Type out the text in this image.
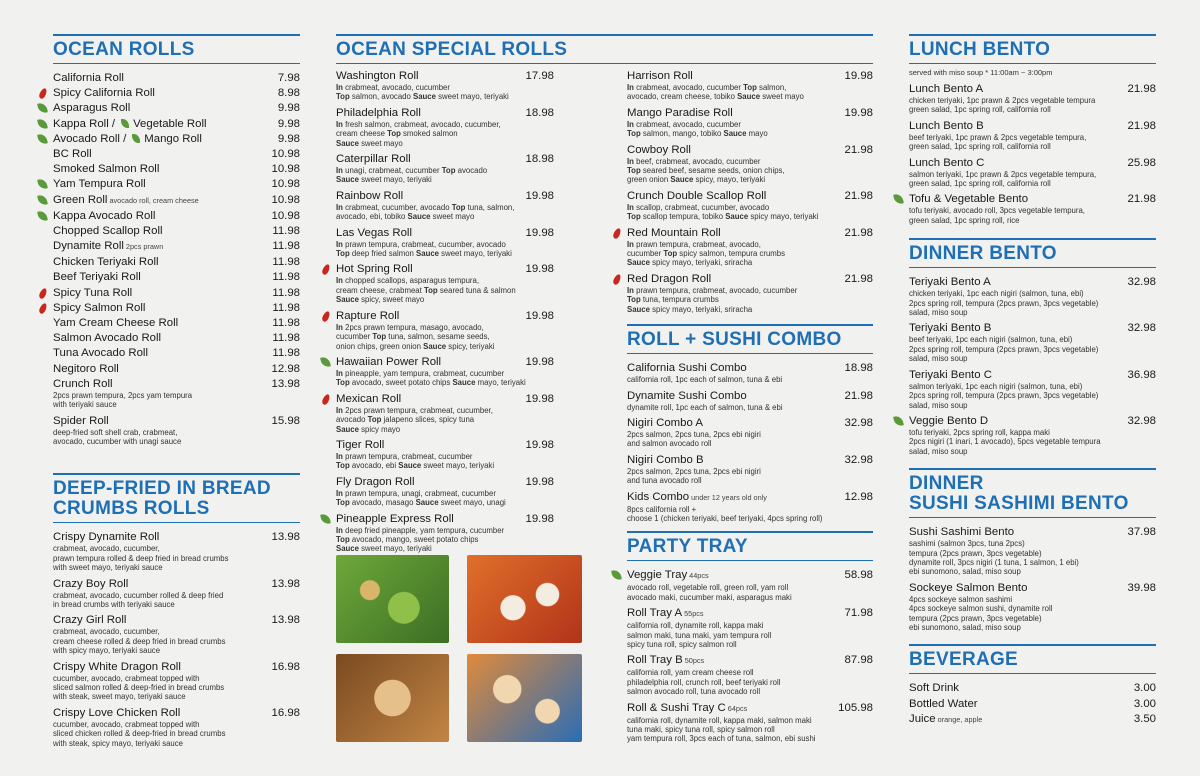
OCEAN ROLLS
California Roll	7.98
Spicy California Roll	8.98
Asparagus Roll	9.98
Kappa Roll / Vegetable Roll	9.98
Avocado Roll / Mango Roll	9.98
BC Roll	10.98
Smoked Salmon Roll	10.98
Yam Tempura Roll	10.98
Green Roll avocado roll, cream cheese	10.98
Kappa Avocado Roll	10.98
Chopped Scallop Roll	11.98
Dynamite Roll 2pcs prawn	11.98
Chicken Teriyaki Roll	11.98
Beef Teriyaki Roll	11.98
Spicy Tuna Roll	11.98
Spicy Salmon Roll	11.98
Yam Cream Cheese Roll	11.98
Salmon Avocado Roll	11.98
Tuna Avocado Roll	11.98
Negitoro Roll	12.98
Crunch Roll	13.98
2pcs prawn tempura, 2pcs yam tempura
with teriyaki sauce
Spider Roll	15.98
deep-fried soft shell crab, crabmeat,
avocado, cucumber with unagi sauce
DEEP-FRIED IN BREAD
CRUMBS ROLLS
Crispy Dynamite Roll	13.98
crabmeat, avocado, cucumber,
prawn tempura rolled & deep fried in bread crumbs
with sweet mayo, teriyaki sauce
Crazy Boy Roll	13.98
crabmeat, avocado, cucumber rolled & deep fried
in bread crumbs with teriyaki sauce
Crazy Girl Roll	13.98
crabmeat, avocado, cucumber,
cream cheese rolled & deep fried in bread crumbs
with spicy mayo, teriyaki sauce
Crispy White Dragon Roll	16.98
cucumber, avocado, crabmeat topped with
sliced salmon rolled & deep-fried in bread crumbs
with steak, sweet mayo, teriyaki sauce
Crispy Love Chicken Roll	16.98
cucumber, avocado, crabmeat topped with
sliced chicken rolled & deep-fried in bread crumbs
with steak, spicy mayo, teriyaki sauce
OCEAN SPECIAL ROLLS
Washington Roll	17.98
In crabmeat, avocado, cucumber
Top salmon, avocado Sauce sweet mayo, teriyaki
Philadelphia Roll	18.98
In fresh salmon, crabmeat, avocado, cucumber,
cream cheese Top smoked salmon
Sauce sweet mayo
Caterpillar Roll	18.98
In unagi, crabmeat, cucumber Top avocado
Sauce sweet mayo, teriyaki
Rainbow Roll	19.98
In crabmeat, cucumber, avocado Top tuna, salmon,
avocado, ebi, tobiko Sauce sweet mayo
Las Vegas Roll	19.98
In prawn tempura, crabmeat, cucumber, avocado
Top deep fried salmon Sauce sweet mayo, teriyaki
Hot Spring Roll	19.98
In chopped scallops, asparagus tempura,
cream cheese, crabmeat Top seared tuna & salmon
Sauce spicy, sweet mayo
Rapture Roll	19.98
In 2pcs prawn tempura, masago, avocado,
cucumber Top tuna, salmon, sesame seeds,
onion chips, green onion Sauce spicy, teriyaki
Hawaiian Power Roll	19.98
In pineapple, yam tempura, crabmeat, cucumber
Top avocado, sweet potato chips Sauce mayo, teriyaki
Mexican Roll	19.98
In 2pcs prawn tempura, crabmeat, cucumber,
avocado Top jalapeno slices, spicy tuna
Sauce spicy mayo
Tiger Roll	19.98
In prawn tempura, crabmeat, cucumber
Top avocado, ebi Sauce sweet mayo, teriyaki
Fly Dragon Roll	19.98
In prawn tempura, unagi, crabmeat, cucumber
Top avocado, masago Sauce sweet mayo, unagi
Pineapple Express Roll	19.98
In deep fried pineapple, yam tempura, cucumber
Top avocado, mango, sweet potato chips
Sauce sweet mayo, teriyaki
Harrison Roll	19.98
In crabmeat, avocado, cucumber Top salmon,
avocado, cream cheese, tobiko Sauce sweet mayo
Mango Paradise Roll	19.98
In crabmeat, avocado, cucumber
Top salmon, mango, tobiko Sauce mayo
Cowboy Roll	21.98
In beef, crabmeat, avocado, cucumber
Top seared beef, sesame seeds, onion chips,
green onion Sauce spicy, mayo, teriyaki
Crunch Double Scallop Roll	21.98
In scallop, crabmeat, cucumber, avocado
Top scallop tempura, tobiko Sauce spicy mayo, teriyaki
Red Mountain Roll	21.98
In prawn tempura, crabmeat, avocado,
cucumber Top spicy salmon, tempura crumbs
Sauce spicy mayo, teriyaki, sriracha
Red Dragon Roll	21.98
In prawn tempura, crabmeat, avocado, cucumber
Top tuna, tempura crumbs
Sauce spicy mayo, teriyaki, sriracha
ROLL + SUSHI COMBO
California Sushi Combo	18.98
california roll, 1pc each of salmon, tuna & ebi
Dynamite Sushi Combo	21.98
dynamite roll, 1pc each of salmon, tuna & ebi
Nigiri Combo A	32.98
2pcs salmon, 2pcs tuna, 2pcs ebi nigiri
and salmon avocado roll
Nigiri Combo B	32.98
2pcs salmon, 2pcs tuna, 2pcs ebi nigiri
and tuna avocado roll
Kids Combo under 12 years old only	12.98
8pcs california roll +
choose 1 (chicken teriyaki, beef teriyaki, 4pcs spring roll)
PARTY TRAY
Veggie Tray 44pcs	58.98
avocado roll, vegetable roll, green roll, yam roll
avocado maki, cucumber maki, asparagus maki
Roll Tray A 55pcs	71.98
california roll, dynamite roll, kappa maki
salmon maki, tuna maki, yam tempura roll
spicy tuna roll, spicy salmon roll
Roll Tray B 50pcs	87.98
california roll, yam cream cheese roll
philadelphia roll, crunch roll, beef teriyaki roll
salmon avocado roll, tuna avocado roll
Roll & Sushi Tray C 64pcs	105.98
california roll, dynamite roll, kappa maki, salmon maki
tuna maki, spicy tuna roll, spicy salmon roll
yam tempura roll, 3pcs each of tuna, salmon, ebi sushi
LUNCH BENTO
served with miso soup * 11:00am ~ 3:00pm
Lunch Bento A	21.98
chicken teriyaki, 1pc prawn & 2pcs vegetable tempura
green salad, 1pc spring roll, california roll
Lunch Bento B	21.98
beef teriyaki, 1pc prawn & 2pcs vegetable tempura,
green salad, 1pc spring roll, california roll
Lunch Bento C	25.98
salmon teriyaki, 1pc prawn & 2pcs vegetable tempura,
green salad, 1pc spring roll, california roll
Tofu & Vegetable Bento	21.98
tofu teriyaki, avocado roll, 3pcs vegetable tempura,
green salad, 1pc spring roll, rice
DINNER BENTO
Teriyaki Bento A	32.98
chicken teriyaki, 1pc each nigiri (salmon, tuna, ebi)
2pcs spring roll, tempura (2pcs prawn, 3pcs vegetable)
salad, miso soup
Teriyaki Bento B	32.98
beef teriyaki, 1pc each nigiri (salmon, tuna, ebi)
2pcs spring roll, tempura (2pcs prawn, 3pcs vegetable)
salad, miso soup
Teriyaki Bento C	36.98
salmon teriyaki, 1pc each nigiri (salmon, tuna, ebi)
2pcs spring roll, tempura (2pcs prawn, 3pcs vegetable)
salad, miso soup
Veggie Bento D	32.98
tofu teriyaki, 2pcs spring roll, kappa maki
2pcs nigiri (1 inari, 1 avocado), 5pcs vegetable tempura
salad, miso soup
DINNER
SUSHI SASHIMI BENTO
Sushi Sashimi Bento	37.98
sashimi (salmon 3pcs, tuna 2pcs)
tempura (2pcs prawn, 3pcs vegetable)
dynamite roll, 3pcs nigiri (1 tuna, 1 salmon, 1 ebi)
ebi sunomono, salad, miso soup
Sockeye Salmon Bento	39.98
4pcs sockeye salmon sashimi
4pcs sockeye salmon sushi, dynamite roll
tempura (2pcs prawn, 3pcs vegetable)
ebi sunomono, salad, miso soup
BEVERAGE
Soft Drink	3.00
Bottled Water	3.00
Juice orange, apple	3.50
